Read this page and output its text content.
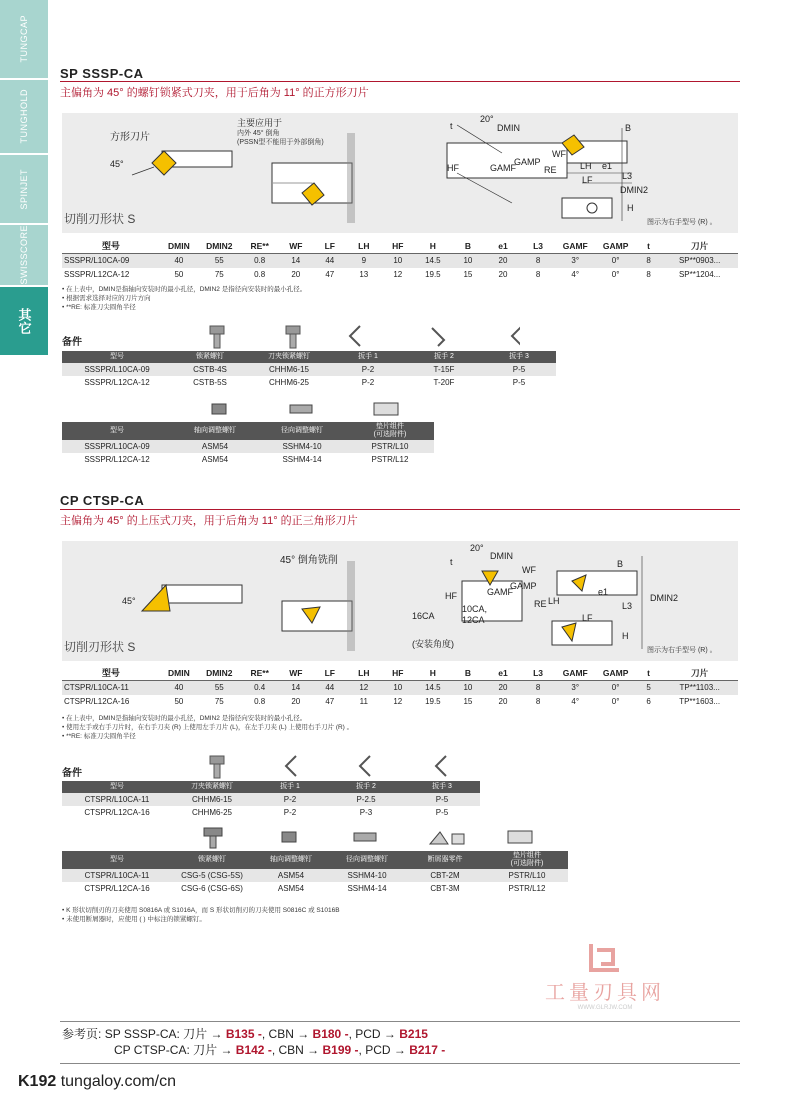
TUNGCAP
TUNGHOLD
SPINJET
SWISSCORE
其它
SP SSSP-CA
主偏角为 45° 的螺钉锁紧式刀夹，用于后角为 11° 的正方形刀片
方形刀片
45°
主要应用于
内外 45° 倒角
(PSSN型不能用于外部倒角)
切削刃形状 S	图示为右手型号 (R) 。
t
20°
DMIN
WF
B
HF	GAMF
GAMP
RE	LH e1
LF	L3
DMIN2
H
型号	DMIN	DMIN2	RE**	WF	LF	LH	HF	H	B	e1	L3	GAMF	GAMP	t	刀片
SSSPR/L10CA-09	40	55	0.8	14	44	9	10	14.5	10	20	8	3°	0°	8	SP**0903...
SSSPR/L12CA-12	50	75	0.8	20	47	13	12	19.5	15	20	8	4°	0°	8	SP**1204...
• 在上表中，DMIN是指轴向安装时的最小孔径，DMIN2 是指径向安装时的最小孔径。
• 根据需求选择对应的刀片方向
• **RE: 标准刀尖圆角半径
备件
型号	锁紧螺钉	刀夹锁紧螺钉	扳手 1	扳手 2	扳手 3
SSSPR/L10CA-09	CSTB-4S	CHHM6-15	P-2	T-15F	P-5
SSSPR/L12CA-12	CSTB-5S	CHHM6-25	P-2	T-20F	P-5
型号	轴向调整螺钉	径向调整螺钉	垫片组件
(可选附件)
SSSPR/L10CA-09	ASM54	SSHM4-10	PSTR/L10
SSSPR/L12CA-12	ASM54	SSHM4-14	PSTR/L12
CP CTSP-CA
主偏角为 45° 的上压式刀夹，用于后角为 11° 的正三角形刀片
45° 倒角铣削
45°
切削刃形状 S
16CA
10CA,
12CA
(安装角度)
图示为右手型号 (R) 。
t
20°
DMIN
WF
B
HF	GAMF
GAMP
RE LH
e1
LF
L3
DMIN2
H
型号	DMIN	DMIN2	RE**	WF	LF	LH	HF	H	B	e1	L3	GAMF	GAMP	t	刀片
CTSPR/L10CA-11	40	55	0.4	14	44	12	10	14.5	10	20	8	3°	0°	5	TP**1103...
CTSPR/L12CA-16	50	75	0.8	20	47	11	12	19.5	15	20	8	4°	0°	6	TP**1603...
• 在上表中，DMIN是指轴向安装时的最小孔径，DMIN2 是指径向安装时的最小孔径。
• 使用左手或右手刀片时，在右手刀夹 (R) 上使用左手刀片 (L)，在左手刀夹 (L) 上使用右手刀片 (R) 。
• **RE: 标准刀尖圆角半径
备件
型号	刀夹锁紧螺钉	扳手 1	扳手 2	扳手 3
CTSPR/L10CA-11	CHHM6-15	P-2	P-2.5	P-5
CTSPR/L12CA-16	CHHM6-25	P-2	P-3	P-5
型号	锁紧螺钉	轴向调整螺钉	径向调整螺钉	断屑器零件	垫片组件
(可选附件)
CTSPR/L10CA-11	CSG-5 (CSG-5S)	ASM54	SSHM4-10	CBT-2M	PSTR/L10
CTSPR/L12CA-16	CSG-6 (CSG-6S)	ASM54	SSHM4-14	CBT-3M	PSTR/L12
• K 形状切削刃的刀夹使用 S0816A 或 S1016A，而 S 形状切削刃的刀夹使用 S0816C 或 S1016B
• 未使用断屑器时，应使用 ( ) 中标注的锁紧螺钉。
工量刃具网
WWW.GLRJW.COM
参考页: SP SSSP-CA: 刀片 → B135 -, CBN → B180 -, PCD → B215
CP CTSP-CA: 刀片 → B142 -, CBN → B199 -, PCD → B217 -
K192 tungaloy.com/cn
